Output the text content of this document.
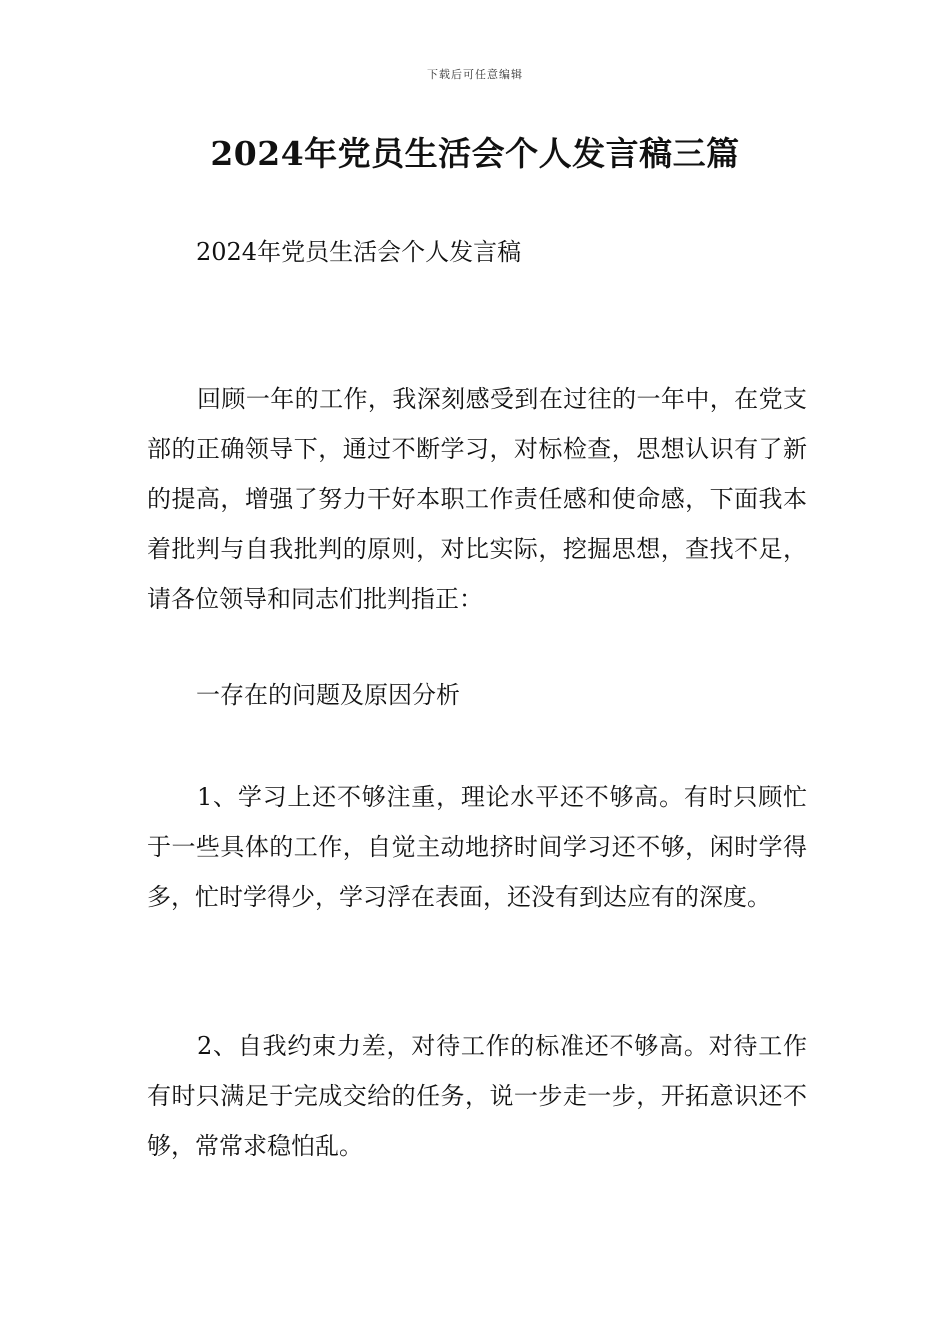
下载后可任意编辑
2024年党员生活会个人发言稿三篇

2024年党员生活会个人发言稿

回顾一年的工作，我深刻感受到在过往的一年中，在党支部的正确领导下，通过不断学习，对标检查，思想认识有了新的提高，增强了努力干好本职工作责任感和使命感，下面我本着批判与自我批判的原则，对比实际，挖掘思想，查找不足，请各位领导和同志们批判指正：

一存在的问题及原因分析

1、学习上还不够注重，理论水平还不够高。有时只顾忙于一些具体的工作，自觉主动地挤时间学习还不够，闲时学得多，忙时学得少，学习浮在表面，还没有到达应有的深度。

2、自我约束力差，对待工作的标准还不够高。对待工作有时只满足于完成交给的任务，说一步走一步，开拓意识还不够，常常求稳怕乱。
